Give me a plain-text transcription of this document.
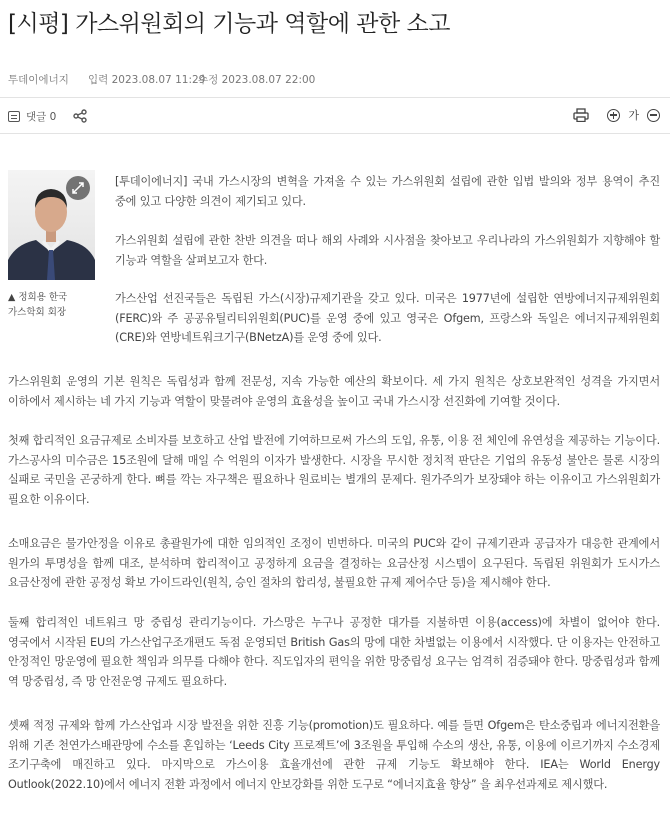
[시평] 가스위원회의 기능과 역할에 관한 소고
투데이에너지	입력 2023.08.07 11:29
수정 2023.08.07 22:00
댓글 0	가
▲ 정희용 한국
가스학회 회장

[투데이에너지] 국내 가스시장의 변혁을 가져올 수 있는 가스위원회 설립에 관한 입법 발의와 정부 용역이 추진 중에 있고 다양한 의견이 제기되고 있다.

가스위원회 설립에 관한 찬반 의견을 떠나 해외 사례와 시사점을 찾아보고 우리나라의 가스위원회가 지향해야 할 기능과 역할을 살펴보고자 한다.

가스산업 선진국들은 독립된 가스(시장)규제기관을 갖고 있다. 미국은 1977년에 설립한 연방에너지규제위원회(FERC)와 주 공공유틸리티위원회(PUC)를 운영 중에 있고 영국은 Ofgem, 프랑스와 독일은 에너지규제위원회(CRE)와 연방네트워크기구(BNetzA)를 운영 중에 있다.

가스위원회 운영의 기본 원칙은 독립성과 함께 전문성, 지속 가능한 예산의 확보이다. 세 가지 원칙은 상호보완적인 성격을 가지면서 이하에서 제시하는 네 가지 기능과 역할이 맞물려야 운영의 효율성을 높이고 국내 가스시장 선진화에 기여할 것이다.

첫째 합리적인 요금규제로 소비자를 보호하고 산업 발전에 기여하므로써 가스의 도입, 유통, 이용 전 체인에 유연성을 제공하는 기능이다. 가스공사의 미수금은 15조원에 달해 매일 수 억원의 이자가 발생한다. 시장을 무시한 정치적 판단은 기업의 유동성 불안은 물론 시장의 실패로 국민을 곤궁하게 한다. 뼈를 깍는 자구책은 필요하나 원료비는 별개의 문제다. 원가주의가 보장돼야 하는 이유이고 가스위원회가 필요한 이유이다.

소매요금은 물가안정을 이유로 총괄원가에 대한 임의적인 조정이 빈번하다. 미국의 PUC와 같이 규제기관과 공급자가 대응한 관계에서 원가의 투명성을 함께 대조, 분석하며 합리적이고 공정하게 요금을 결정하는 요금산정 시스템이 요구된다. 독립된 위원회가 도시가스 요금산정에 관한 공정성 확보 가이드라인(원칙, 승인 절차의 합리성, 불필요한 규제 제어수단 등)을 제시해야 한다.

둘째 합리적인 네트워크 망 중립성 관리기능이다. 가스망은 누구나 공정한 대가를 지불하면 이용(access)에 차별이 없어야 한다. 영국에서 시작된 EU의 가스산업구조개편도 독점 운영되던 British Gas의 망에 대한 차별없는 이용에서 시작했다. 단 이용자는 안전하고 안정적인 망운영에 필요한 책임과 의무를 다해야 한다. 직도입자의 편익을 위한 망중립성 요구는 엄격히 검증돼야 한다. 망중립성과 함께 역 망중립성, 즉 망 안전운영 규제도 필요하다.

셋째 적정 규제와 함께 가스산업과 시장 발전을 위한 진흥 기능(promotion)도 필요하다. 예를 들면 Ofgem은 탄소중립과 에너지전환을 위해 기존 천연가스배관망에 수소를 혼입하는 ‘Leeds City 프로젝트’에 3조원을 투입해 수소의 생산, 유통, 이용에 이르기까지 수소경제 조기구축에 매진하고 있다. 마지막으로 가스이용 효율개선에 관한 규제 기능도 확보해야 한다. IEA는 World Energy Outlook(2022.10)에서 에너지 전환 과정에서 에너지 안보강화를 위한 도구로 “에너지효율 향상” 을 최우선과제로 제시했다.
